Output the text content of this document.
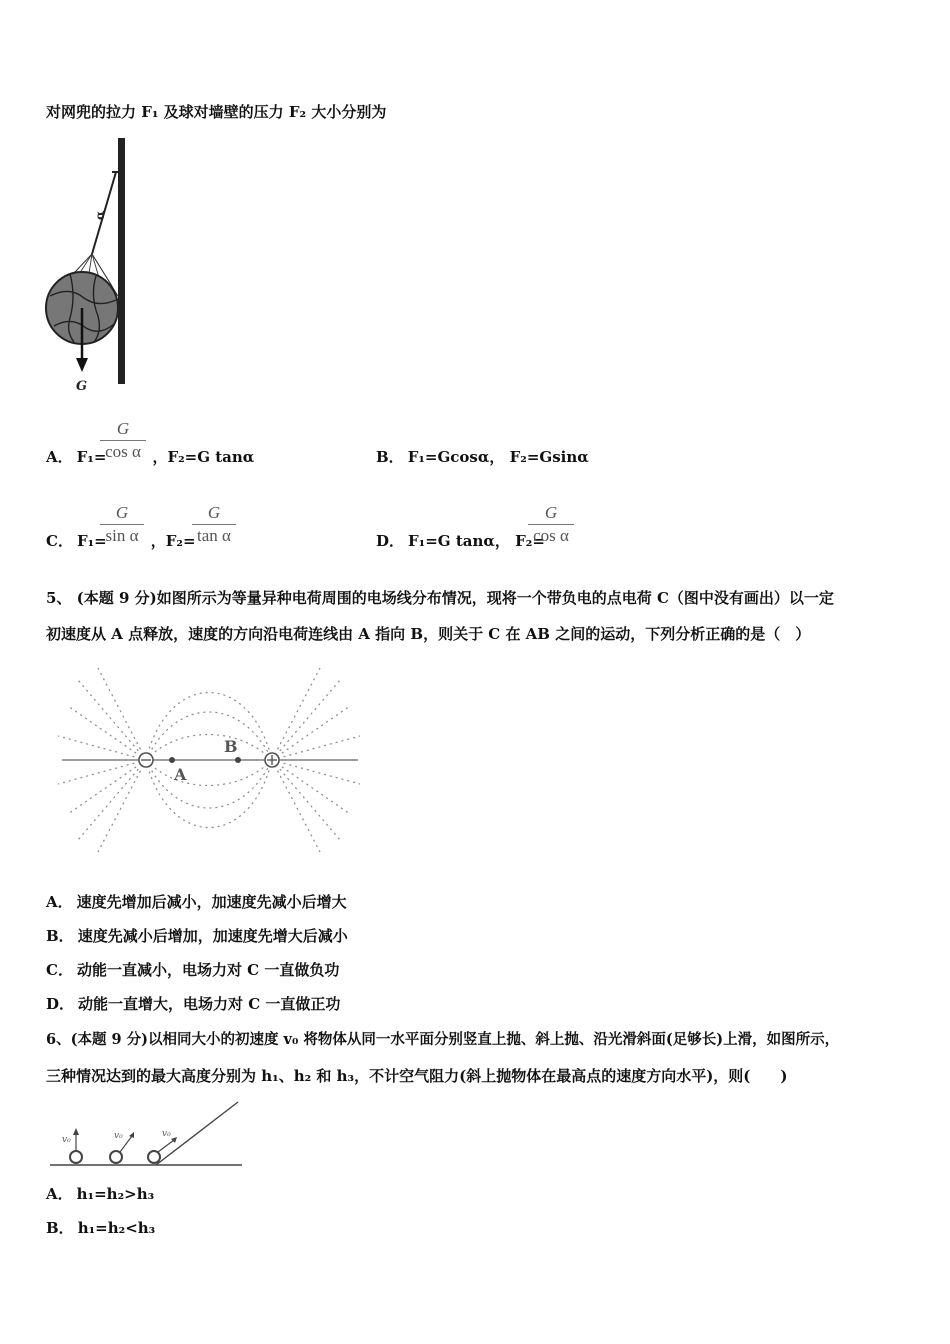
对网兜的拉力 F₁ 及球对墙壁的压力 F₂ 大小分别为
α
G
A． F₁=	，F₂=G tanα
G
cos α	B． F₁=Gcosα， F₂=Gsinα
C． F₁=	，F₂=
G
sin α
G
tan α	D． F₁=G tanα， F₂=
G
cos α
5、 (本题 9 分)如图所示为等量异种电荷周围的电场线分布情况，现将一个带负电的点电荷 C（图中没有画出）以一定
初速度从 A 点释放，速度的方向沿电荷连线由 A 指向 B，则关于 C 在 AB 之间的运动，下列分析正确的是（　）
A
B
A． 速度先增加后减小，加速度先减小后增大
B． 速度先减小后增加，加速度先增大后减小
C． 动能一直减小，电场力对 C 一直做负功
D． 动能一直增大，电场力对 C 一直做正功
6、(本题 9 分)以相同大小的初速度 v₀ 将物体从同一水平面分别竖直上抛、斜上抛、沿光滑斜面(足够长)上滑，如图所示，
三种情况达到的最大高度分别为 h₁、h₂ 和 h₃，不计空气阻力(斜上抛物体在最高点的速度方向水平)，则(　　)
v₀	v₀	v₀
A． h₁=h₂>h₃
B． h₁=h₂<h₃
